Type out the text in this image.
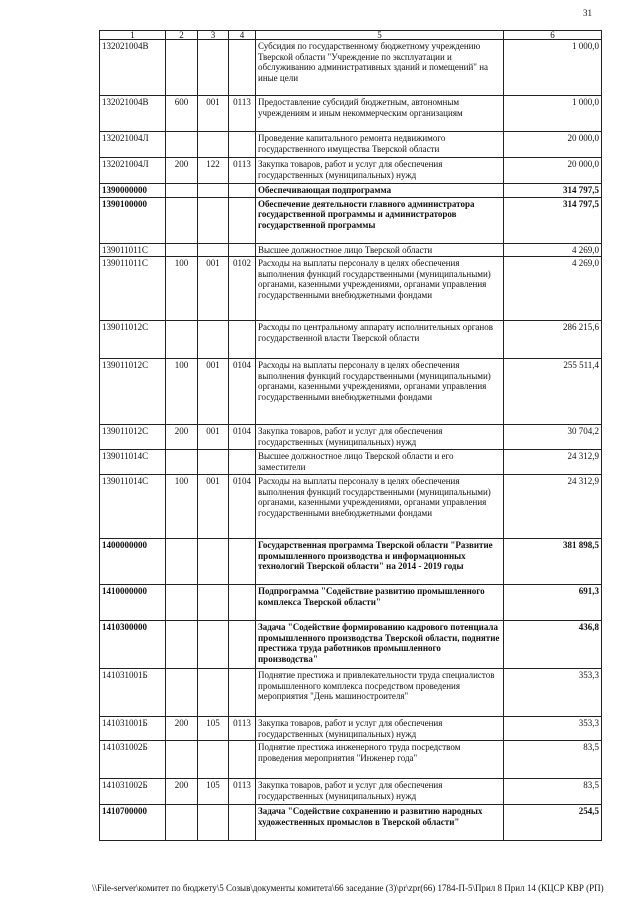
31
1	2	3	4	5	6
132021004В				Субсидия по государственному бюджетному учреждению Тверской области "Учреждение по эксплуатации и обслуживанию административных зданий и помещений" на иные цели	1 000,0
132021004В	600	001	0113	Предоставление субсидий бюджетным, автономным учреждениям и иным некоммерческим организациям	1 000,0
132021004Л				Проведение капитального ремонта недвижимого государственного имущества Тверской области	20 000,0
132021004Л	200	122	0113	Закупка товаров, работ и услуг для обеспечения государственных (муниципальных) нужд	20 000,0
1390000000				Обеспечивающая подпрограмма	314 797,5
1390100000				Обеспечение деятельности главного администратора государственной программы и администраторов государственной программы	314 797,5
139011011С				Высшее должностное лицо Тверской области	4 269,0
139011011С	100	001	0102	Расходы на выплаты персоналу в целях обеспечения выполнения функций государственными (муниципальными) органами, казенными учреждениями, органами управления государственными внебюджетными фондами	4 269,0
139011012С				Расходы по центральному аппарату исполнительных органов государственной власти Тверской области	286 215,6
139011012С	100	001	0104	Расходы на выплаты персоналу в целях обеспечения выполнения функций государственными (муниципальными) органами, казенными учреждениями, органами управления государственными внебюджетными фондами	255 511,4
139011012С	200	001	0104	Закупка товаров, работ и услуг для обеспечения государственных (муниципальных) нужд	30 704,2
139011014С				Высшее должностное лицо Тверской области и его заместители	24 312,9
139011014С	100	001	0104	Расходы на выплаты персоналу в целях обеспечения выполнения функций государственными (муниципальными) органами, казенными учреждениями, органами управления государственными внебюджетными фондами	24 312,9
1400000000				Государственная программа Тверской области "Развитие промышленного производства и информационных технологий Тверской области" на 2014 - 2019 годы	381 898,5
1410000000				Подпрограмма "Содействие развитию промышленного комплекса Тверской области"	691,3
1410300000				Задача "Содействие формированию кадрового потенциала промышленного производства Тверской области, поднятие престижа труда работников промышленного производства"	436,8
141031001Б				Поднятие престижа и привлекательности труда специалистов промышленного комплекса посредством проведения мероприятия "День машиностроителя"	353,3
141031001Б	200	105	0113	Закупка товаров, работ и услуг для обеспечения государственных (муниципальных) нужд	353,3
141031002Б				Поднятие престижа инженерного труда посредством проведения мероприятия "Инженер года"	83,5
141031002Б	200	105	0113	Закупка товаров, работ и услуг для обеспечения государственных (муниципальных) нужд	83,5
1410700000				Задача "Содействие сохранению и развитию народных художественных промыслов в Тверской области"	254,5
\\File-server\комитет по бюджету\5 Созыв\документы комитета\66 заседание (3)\pr\zpr(66) 1784-П-5\Прил 8 Прил 14 (КЦСР КВР (РП)
